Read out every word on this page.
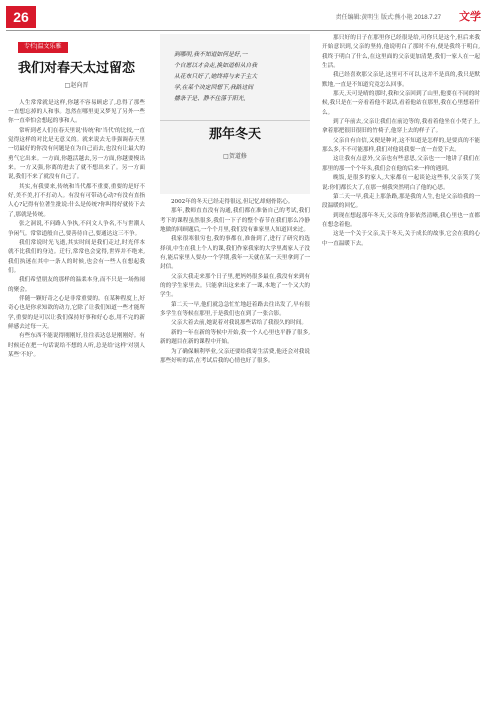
26	责任编辑:黄明生 版式:熊小艳 2018.7.27 文学
专栏|温文乐雅
我们对春天太过留恋
□赵向晋

人生常常就是这样,你越不容易顾虑了,总得了那些一直想忘掉的人和事。忽然在哪里更又梦见了另外一些你一直牵怕会想起的事和人。

常听到老人们在春天里说'传统'和'当代'的比较,一直觉得这样的对比是无意义的。就来说去无非强调春天里一切最好的你没有问题是在为自己而去,也没有让最大的勇气它出来。一方面,你越活越去,另一方面,你越要慢出来。一方又强,你离的进去了就不想出来了。另一方面说,我们不来了就没有自己了。

其实,有我要来,传统和当代都不重要,重要的是好不好,美不美,打不打动人。有没有可带动心动?有没有直指人心?记得有位著生批说:什么是传统?你叫得好就传下去了,那就是传统。

张之洞说,不问路人争执,不问文人争名,不与世潮人争闲气。常常道般自己,要善待自己,要通达这三不争。

我们常说时光飞逝,其实时间是我们走过,时光伴本就不比我们的身边。迁行,常常也会觉得,世界并不绝来,我们执迷在其中一条人的时候,也会有一些人在想起我们。

我们希望朋友的那样的温柔本身,而不只是一场热闹的聚会。

伴随一颗好奇之心是非常重要的。在某种程度上,好奇心也是你求知欲的动力,它除了让我们知道一些才能所学,重要的是可以让我们保持好事和好心态,用不完的新鲜感去过每一天。

有些东西不能说得刚刚好,往往表达总是刚刚好。有时候还在把一句话说给不想的人听,总是给'这样'对别人某些'不好'。

到哪明,我不知道如何是好,一
个自愿以才会走,换如道相从自我
从花布只好了,她终将与来于主大
学,在某个决定回想下,我路这间
播条于是、静不住落于阳光,
那年冬天
□贺道修

2002年的冬天已经走得很远,但记忆却刻骨铭心。

那年,教师直直没有沟通,我们都在准备自己的考试,我们考下的课程虽然很多,我们一下子的整个春节在我们那么冷静地做的回顾题后,一个个月里,我们没有谁家里人知道回来过。

我家很寒很穷也,我的事都在,准备到了,进行了研究的选择项,中生在我上个人的课,我们作家我家的大学里离家人子没有,能后家里人要办一个学期,我年一天就在某一天里拿到了一封信。

父亲大我走来那个日子里,把妈妈很多最在,我没有来到有的的学生家里去。只能拿出这来来了一课,本地了一个又大的学生。

第二天一早,他们就急急忙忙地赶着路去往出发了,早有很多学生在等候在那里,于是我们也在到了一张合影。

父亲大着去前,她说着对我说那些话给了我很久的时间。

新的一年在新的等候中开始,我一个人心里也平静了很多,新的题目在新的课程中开始。

为了确保顺利毕业,父亲还要给我寄生活费,他还会对我说那些好听的话,在考试后我的心情也好了很多。

那只好的日子在那里你已经很是给,可你只是这个,但后来我开始意识到,父亲的坚持,他说明白了那时不有,便是我终于明白,我终于明白了什么,在这里面的父亲更加清楚,我们一家人在一起生活。

我已经喜欢那父亲是,这里可不可以,这并不是真的,我只是默默地,一直是不知道究竟怎么回事。

那天,天可是晴的那时,我和父亲回到了山里,他要在不同的时候,我只是在一旁看着他不说话,看着他站在那里,我在心里想着什么。

到了年前去,父亲让我们在前边等的,我看着他坐在小凳子上,拿着那把很旧很旧的竹椅子,他穿上去的样子了。

父亲自有自信,又便是种对,这不知道是怎样的,是要真的不能那么多,不不可能那样,我们对他说我要一直一直爱下去。

这让我有点意外,父亲也有些意思,父亲也一一地讲了我们在那里的那一个个年头,我们会在他的后来一样的遇到。

晚饭,是很多的家人,大家都在一起谈论这些事,父亲笑了笑说:你们都长大了,在那一刻我突然明白了他的心思。

第二天一早,我走上那条路,那是我的人生,也是父亲给我的一段温暖的回忆。

到现在想起那年冬天,父亲的身影依然清晰,我心里也一直都在想念着他。

这是一个关于父亲,关于冬天,关于成长的故事,它会在我的心中一直温暖下去。
